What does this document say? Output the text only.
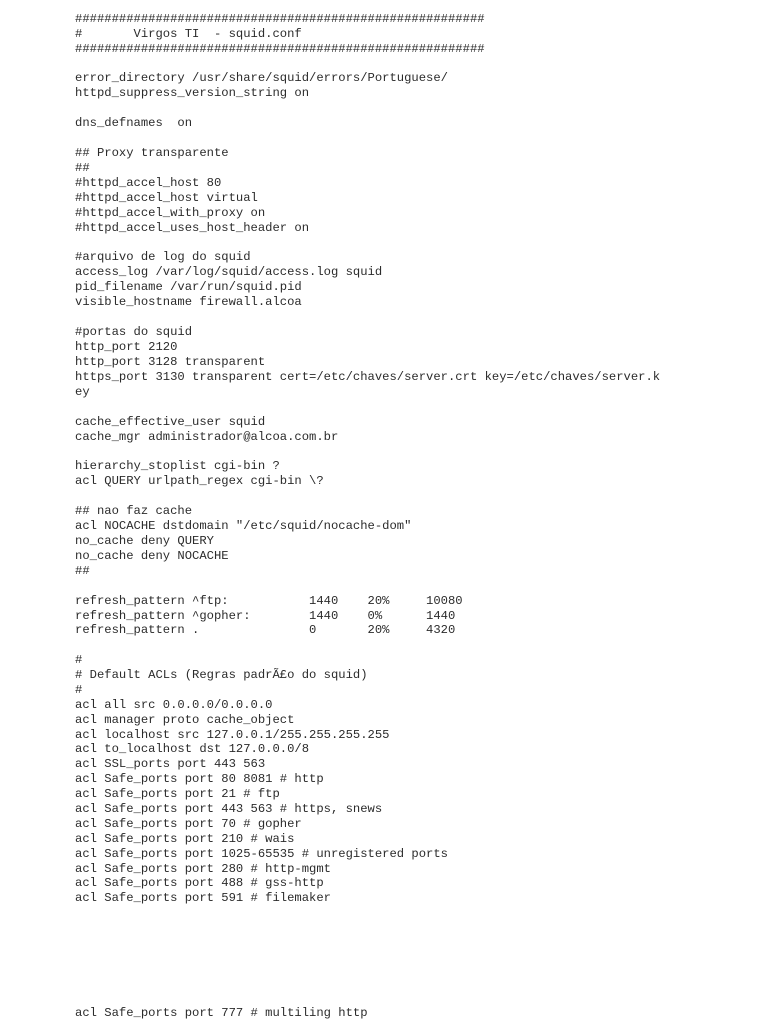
########################################################
#       Virgos TI  - squid.conf
########################################################
error_directory /usr/share/squid/errors/Portuguese/
httpd_suppress_version_string on
dns_defnames  on
## Proxy transparente
##
#httpd_accel_host 80
#httpd_accel_host virtual
#httpd_accel_with_proxy on
#httpd_accel_uses_host_header on
#arquivo de log do squid
access_log /var/log/squid/access.log squid
pid_filename /var/run/squid.pid
visible_hostname firewall.alcoa
#portas do squid
http_port 2120
http_port 3128 transparent
https_port 3130 transparent cert=/etc/chaves/server.crt key=/etc/chaves/server.k
ey
cache_effective_user squid
cache_mgr administrador@alcoa.com.br
hierarchy_stoplist cgi-bin ?
acl QUERY urlpath_regex cgi-bin \?
## nao faz cache
acl NOCACHE dstdomain "/etc/squid/nocache-dom"
no_cache deny QUERY
no_cache deny NOCACHE
##
refresh_pattern ^ftp:           1440    20%     10080
refresh_pattern ^gopher:        1440    0%      1440
refresh_pattern .               0       20%     4320
#
# Default ACLs (Regras padrÃ£o do squid)
#
acl all src 0.0.0.0/0.0.0.0
acl manager proto cache_object
acl localhost src 127.0.0.1/255.255.255.255
acl to_localhost dst 127.0.0.0/8
acl SSL_ports port 443 563
acl Safe_ports port 80 8081 # http
acl Safe_ports port 21 # ftp
acl Safe_ports port 443 563 # https, snews
acl Safe_ports port 70 # gopher
acl Safe_ports port 210 # wais
acl Safe_ports port 1025-65535 # unregistered ports
acl Safe_ports port 280 # http-mgmt
acl Safe_ports port 488 # gss-http
acl Safe_ports port 591 # filemaker
acl Safe_ports port 777 # multiling http
